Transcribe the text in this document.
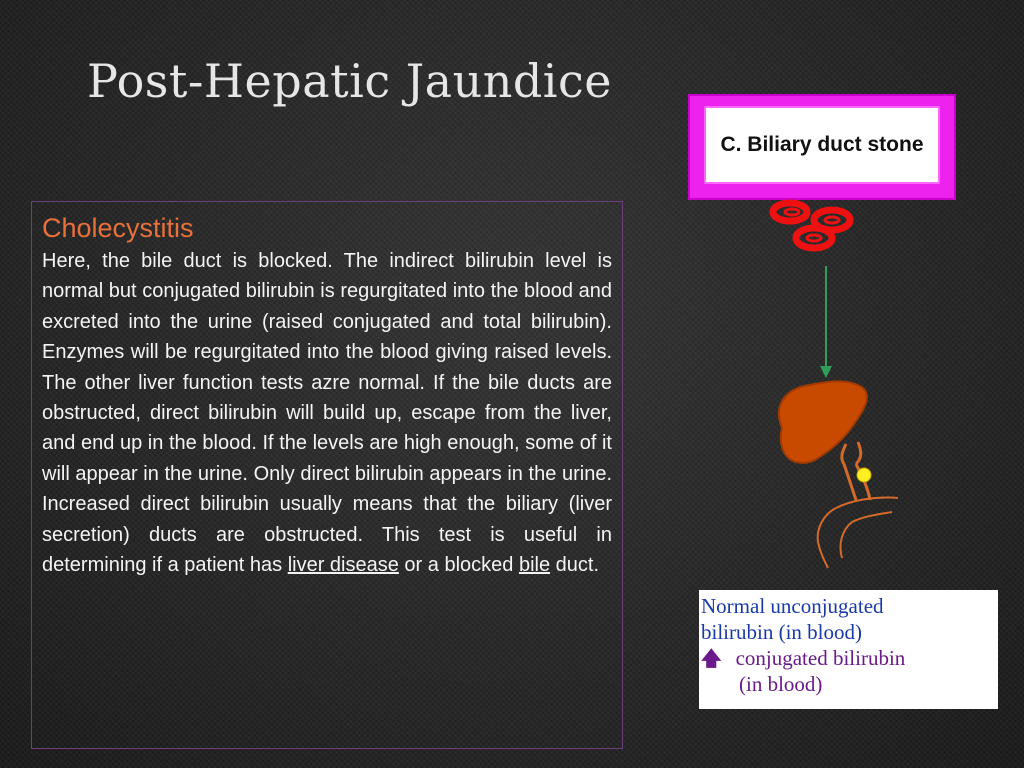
Post-Hepatic Jaundice
Cholecystitis

Here, the bile duct is blocked. The indirect bilirubin level is normal but conjugated bilirubin is regurgitated into the blood and excreted into the urine (raised conjugated and total bilirubin). Enzymes will be regurgitated into the blood giving raised levels. The other liver function tests azre normal. If the bile ducts are obstructed, direct bilirubin will build up, escape from the liver, and end up in the blood. If the levels are high enough, some of it will appear in the urine. Only direct bilirubin appears in the urine. Increased direct bilirubin usually means that the biliary (liver secretion) ducts are obstructed. This test is useful in determining if a patient has liver disease or a blocked bile duct.

C. Biliary duct stone
Normal unconjugated
bilirubin (in blood)
🡅 conjugated bilirubin
(in blood)
